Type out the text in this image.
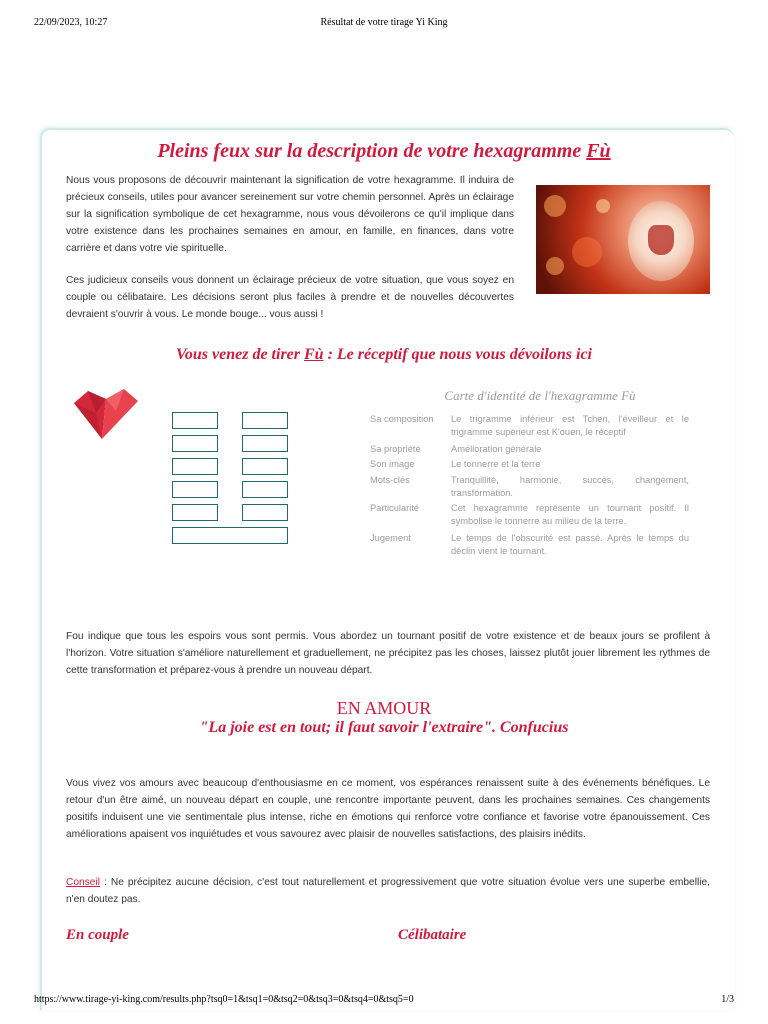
22/09/2023, 10:27	Résultat de votre tirage Yi King
Pleins feux sur la description de votre hexagramme Fù

Nous vous proposons de découvrir maintenant la signification de votre hexagramme. Il induira de précieux conseils, utiles pour avancer sereinement sur votre chemin personnel. Après un éclairage sur la signification symbolique de cet hexagramme, nous vous dévoilerons ce qu'il implique dans votre existence dans les prochaines semaines en amour, en famille, en finances, dans votre carrière et dans votre vie spirituelle.

Ces judicieux conseils vous donnent un éclairage précieux de votre situation, que vous soyez en couple ou célibataire. Les décisions seront plus faciles à prendre et de nouvelles découvertes devraient s'ouvrir à vous. Le monde bouge... vous aussi !

Vous venez de tirer Fù : Le réceptif que nous vous dévoilons ici
Carte d'identité de l'hexagramme Fù
Sa composition	Le trigramme inférieur est Tchen, l'éveilleur et le trigramme supérieur est K'ouen, le réceptif
Sa propriété	Amélioration générale
Son image	Le tonnerre et la terre
Mots-clés	Tranquillité, harmonie, succès, changement, transformation.
Particularité	Cet hexagramme représente un tournant positif. Il symbolise le tonnerre au milieu de la terre.
Jugement	Le temps de l'obscurité est passé. Après le temps du déclin vient le tournant.

Fou indique que tous les espoirs vous sont permis. Vous abordez un tournant positif de votre existence et de beaux jours se profilent à l'horizon. Votre situation s'améliore naturellement et graduellement, ne précipitez pas les choses, laissez plutôt jouer librement les rythmes de cette transformation et préparez-vous à prendre un nouveau départ.

EN AMOUR

"La joie est en tout; il faut savoir l'extraire". Confucius

Vous vivez vos amours avec beaucoup d'enthousiasme en ce moment, vos espérances renaissent suite à des événements bénéfiques. Le retour d'un être aimé, un nouveau départ en couple, une rencontre importante peuvent, dans les prochaines semaines. Ces changements positifs induisent une vie sentimentale plus intense, riche en émotions qui renforce votre confiance et favorise votre épanouissement. Ces améliorations apaisent vos inquiétudes et vous savourez avec plaisir de nouvelles satisfactions, des plaisirs inédits.

Conseil : Ne précipitez aucune décision, c'est tout naturellement et progressivement que votre situation évolue vers une superbe embellie, n'en doutez pas.

En couple	Célibataire
https://www.tirage-yi-king.com/results.php?tsq0=1&tsq1=0&tsq2=0&tsq3=0&tsq4=0&tsq5=0	1/3
